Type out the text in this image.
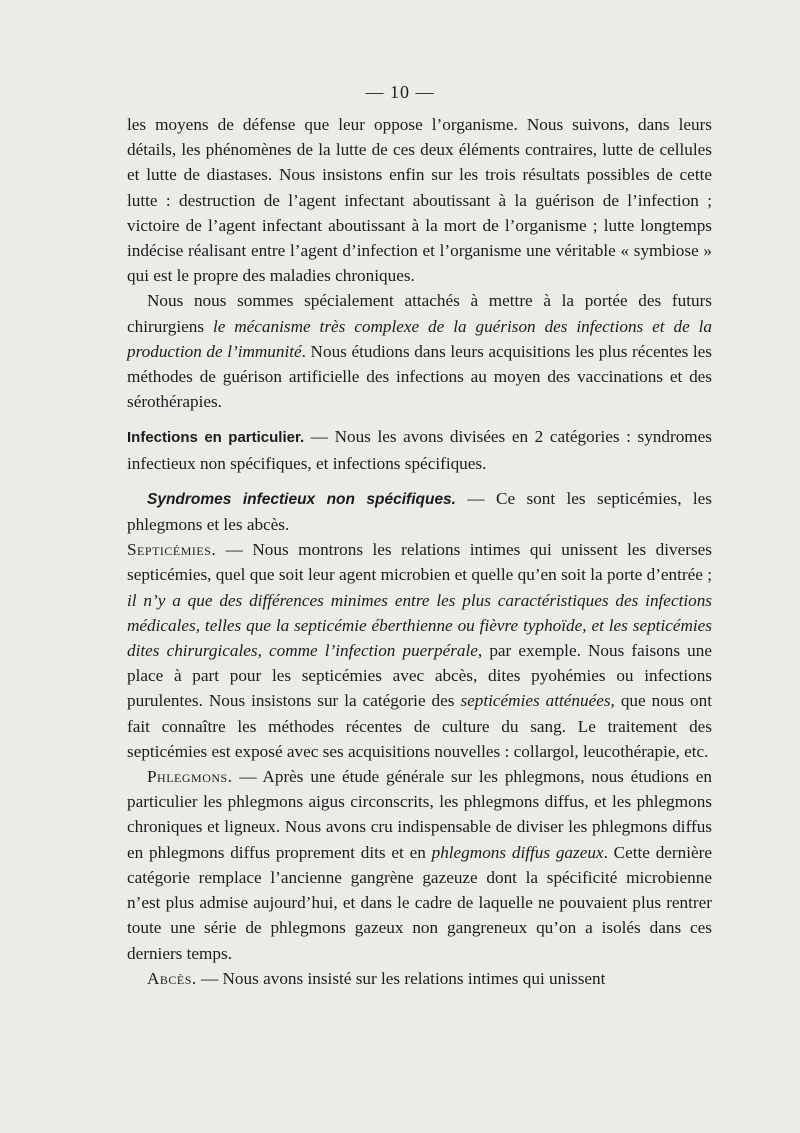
— 10 —

les moyens de défense que leur oppose l’organisme. Nous suivons, dans leurs détails, les phénomènes de la lutte de ces deux éléments contraires, lutte de cellules et lutte de diastases. Nous insistons enfin sur les trois résultats possibles de cette lutte : destruction de l’agent infectant aboutissant à la guérison de l’infection ; victoire de l’agent infectant aboutissant à la mort de l’organisme ; lutte longtemps indécise réalisant entre l’agent d’infection et l’organisme une véritable « symbiose » qui est le propre des maladies chroniques.

Nous nous sommes spécialement attachés à mettre à la portée des futurs chirurgiens le mécanisme très complexe de la guérison des infections et de la production de l’immunité. Nous étudions dans leurs acquisitions les plus récentes les méthodes de guérison artificielle des infections au moyen des vaccinations et des sérothérapies.

Infections en particulier. — Nous les avons divisées en 2 catégories : syndromes infectieux non spécifiques, et infections spécifiques.

Syndromes infectieux non spécifiques. — Ce sont les septicémies, les phlegmons et les abcès.

Septicémies. — Nous montrons les relations intimes qui unissent les diverses septicémies, quel que soit leur agent microbien et quelle qu’en soit la porte d’entrée ; il n’y a que des différences minimes entre les plus caractéristiques des infections médicales, telles que la septicémie éberthienne ou fièvre typhoïde, et les septicémies dites chirurgicales, comme l’infection puerpérale, par exemple. Nous faisons une place à part pour les septicémies avec abcès, dites pyohémies ou infections purulentes. Nous insistons sur la catégorie des septicémies atténuées, que nous ont fait connaître les méthodes récentes de culture du sang. Le traitement des septicémies est exposé avec ses acquisitions nouvelles : collargol, leucothérapie, etc.

Phlegmons. — Après une étude générale sur les phlegmons, nous étudions en particulier les phlegmons aigus circonscrits, les phlegmons diffus, et les phlegmons chroniques et ligneux. Nous avons cru indispensable de diviser les phlegmons diffus en phlegmons diffus proprement dits et en phlegmons diffus gazeux. Cette dernière catégorie remplace l’ancienne gangrène gazeuze dont la spécificité microbienne n’est plus admise aujourd’hui, et dans le cadre de laquelle ne pouvaient plus rentrer toute une série de phlegmons gazeux non gangreneux qu’on a isolés dans ces derniers temps.

Abcès. — Nous avons insisté sur les relations intimes qui unissent
